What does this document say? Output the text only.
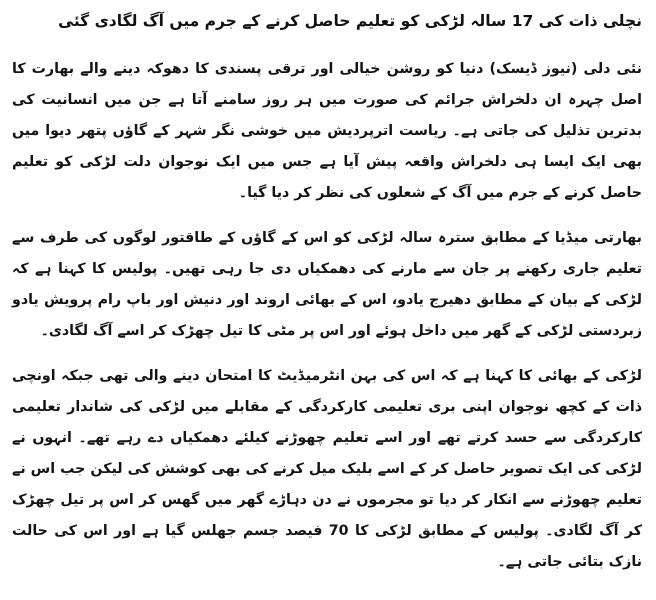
نچلی ذات کی 17 سالہ لڑکی کو تعلیم حاصل کرنے کے جرم میں آگ لگادی گئی

نئی دلی (نیوز ڈیسک) دنیا کو روشن خیالی اور ترقی پسندی کا دھوکہ دینے والے بھارت کا اصل چہرہ ان دلخراش جرائم کی صورت میں ہر روز سامنے آتا ہے جن میں انسانیت کی بدترین تذلیل کی جاتی ہے۔ ریاست اترپردیش میں خوشی نگر شہر کے گاؤں پتھر دیوا میں بھی ایک ایسا ہی دلخراش واقعہ پیش آیا ہے جس میں ایک نوجوان دلت لڑکی کو تعلیم حاصل کرنے کے جرم میں آگ کے شعلوں کی نظر کر دیا گیا۔

بھارتی میڈیا کے مطابق سترہ سالہ لڑکی کو اس کے گاؤں کے طاقتور لوگوں کی طرف سے تعلیم جاری رکھنے پر جان سے مارنے کی دھمکیاں دی جا رہی تھیں۔ پولیس کا کہنا ہے کہ لڑکی کے بیان کے مطابق دھیرج یادو، اس کے بھائی اروند اور دنیش اور باپ رام پرویش یادو زبردستی لڑکی کے گھر میں داخل ہوئے اور اس پر مٹی کا تیل چھڑک کر اسے آگ لگادی۔

لڑکی کے بھائی کا کہنا ہے کہ اس کی بہن انٹرمیڈیٹ کا امتحان دینے والی تھی جبکہ اونچی ذات کے کچھ نوجوان اپنی بری تعلیمی کارکردگی کے مقابلے میں لڑکی کی شاندار تعلیمی کارکردگی سے حسد کرتے تھے اور اسے تعلیم چھوڑنے کیلئے دھمکیاں دے رہے تھے۔ انہوں نے لڑکی کی ایک تصویر حاصل کر کے اسے بلیک میل کرنے کی بھی کوشش کی لیکن جب اس نے تعلیم چھوڑنے سے انکار کر دیا تو مجرموں نے دن دہاڑے گھر میں گھس کر اس پر تیل چھڑک کر آگ لگادی۔ پولیس کے مطابق لڑکی کا 70 فیصد جسم جھلس گیا ہے اور اس کی حالت نازک بتائی جاتی ہے۔
